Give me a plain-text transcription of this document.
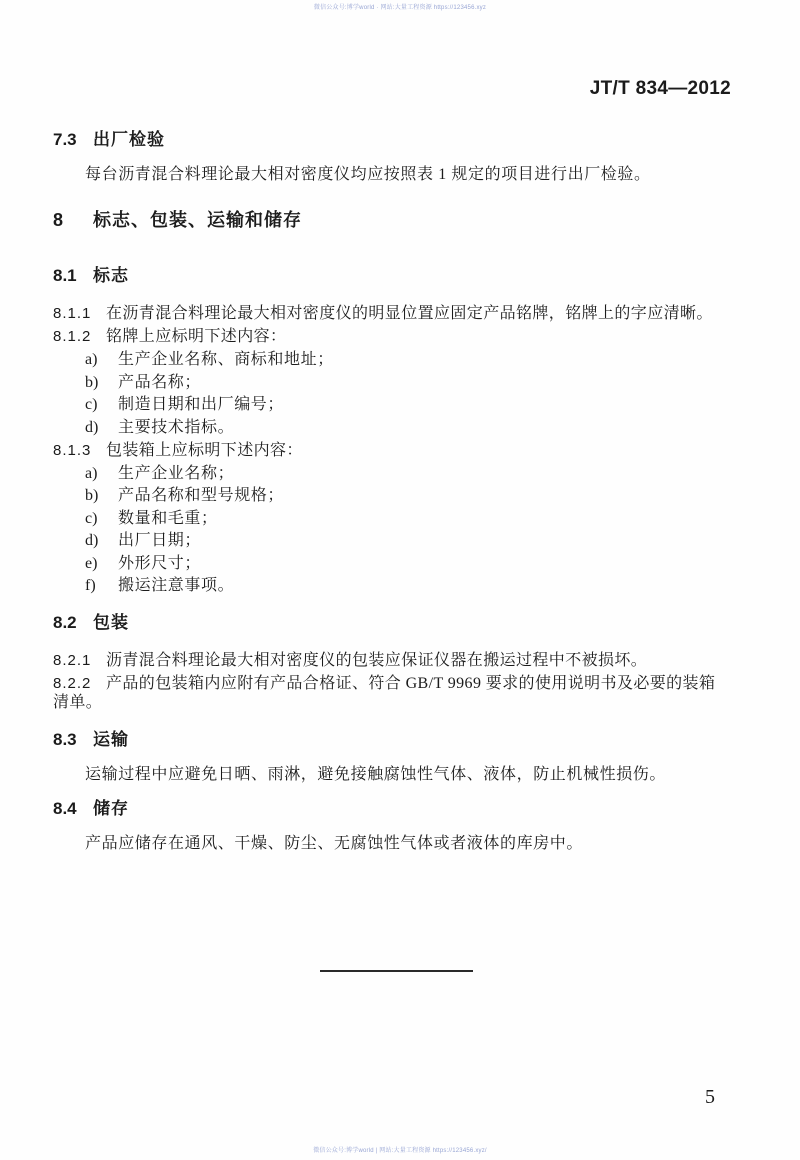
微信公众号:博学world · 网站:大量工程资源 https://123456.xyz
JT/T 834—2012
7.3 出厂检验
每台沥青混合料理论最大相对密度仪均应按照表 1 规定的项目进行出厂检验。
8 标志、包装、运输和储存
8.1 标志
8.1.1 在沥青混合料理论最大相对密度仪的明显位置应固定产品铭牌，铭牌上的字应清晰。
8.1.2 铭牌上应标明下述内容：
a) 生产企业名称、商标和地址；
b) 产品名称；
c) 制造日期和出厂编号；
d) 主要技术指标。
8.1.3 包装箱上应标明下述内容：
a) 生产企业名称；
b) 产品名称和型号规格；
c) 数量和毛重；
d) 出厂日期；
e) 外形尺寸；
f) 搬运注意事项。
8.2 包装
8.2.1 沥青混合料理论最大相对密度仪的包装应保证仪器在搬运过程中不被损坏。
8.2.2 产品的包装箱内应附有产品合格证、符合 GB/T 9969 要求的使用说明书及必要的装箱清单。
8.3 运输
运输过程中应避免日晒、雨淋，避免接触腐蚀性气体、液体，防止机械性损伤。
8.4 储存
产品应储存在通风、干燥、防尘、无腐蚀性气体或者液体的库房中。
5
微信公众号:博学world | 网站:大量工程资源 https://123456.xyz/
